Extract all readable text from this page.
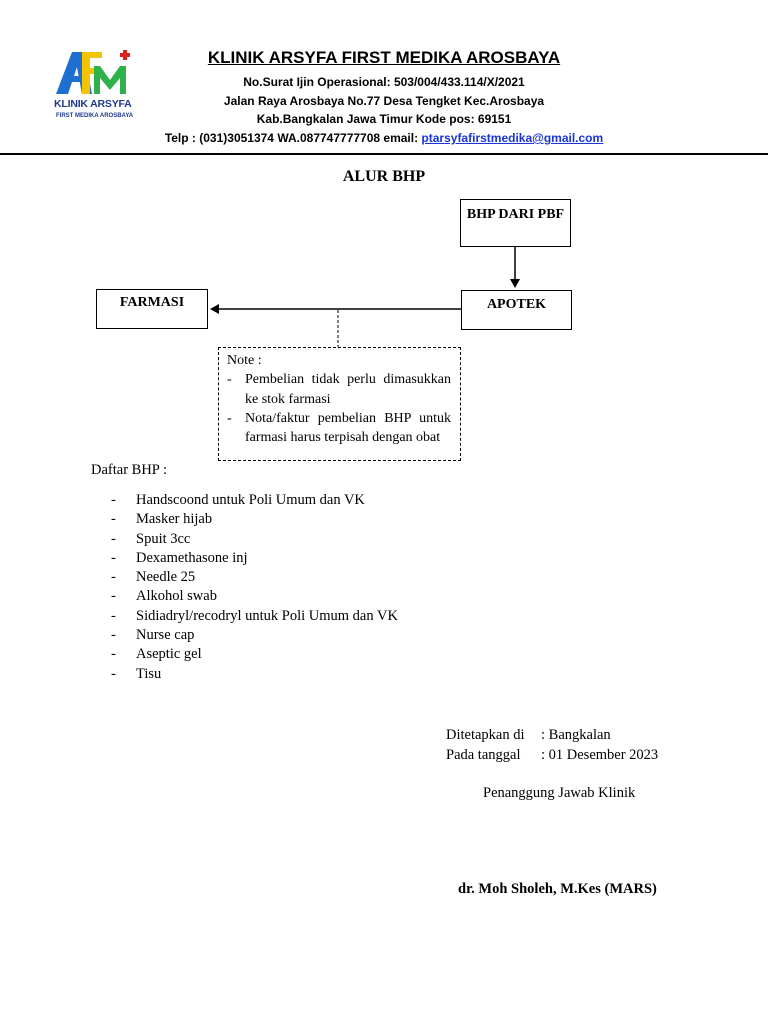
KLINIK ARSYFA
FIRST MEDIKA AROSBAYA
KLINIK ARSYFA FIRST MEDIKA AROSBAYA
No.Surat Ijin Operasional: 503/004/433.114/X/2021
Jalan Raya Arosbaya No.77 Desa Tengket Kec.Arosbaya
Kab.Bangkalan Jawa Timur Kode pos: 69151
Telp : (031)3051374 WA.087747777708 email: ptarsyfafirstmedika@gmail.com
ALUR BHP
BHP DARI PBF
APOTEK
FARMASI
Note :
- Pembelian tidak perlu dimasukkan ke stok farmasi
- Nota/faktur pembelian BHP untuk farmasi harus terpisah dengan obat
Daftar BHP :
-	Handscoond untuk Poli Umum dan VK
-	Masker hijab
-	Spuit 3cc
-	Dexamethasone inj
-	Needle 25
-	Alkohol swab
-	Sidiadryl/recodryl untuk Poli Umum dan VK
-	Nurse cap
-	Aseptic gel
-	Tisu
Ditetapkan di : Bangkalan
Pada tanggal : 01 Desember 2023
Penanggung Jawab Klinik
dr. Moh Sholeh, M.Kes (MARS)
